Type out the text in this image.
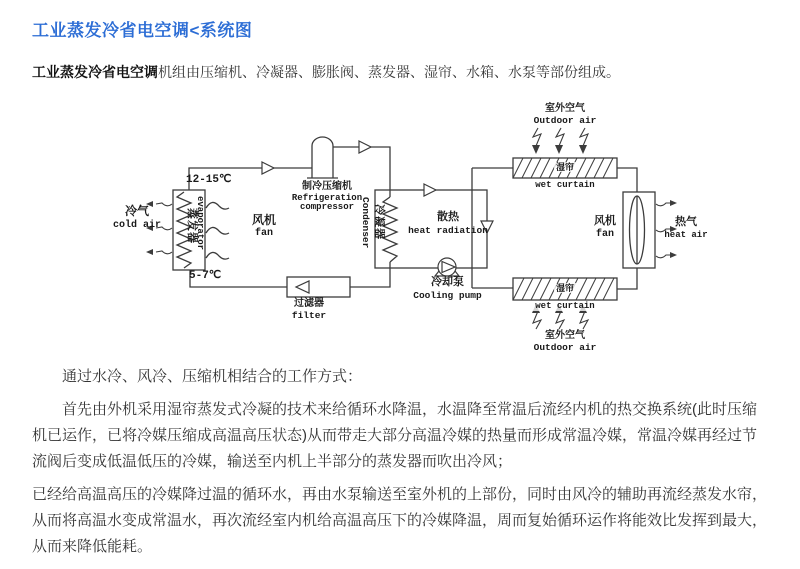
工业蒸发冷省电空调<系统图
工业蒸发冷省电空调机组由压缩机、冷凝器、膨胀阀、蒸发器、湿帘、水箱、水泵等部份组成。
冷气
cold air
12-15℃
5-7℃
蒸发器
evaporator	风机
fan
制冷压缩机
Refrigeration
compressor Condenser 冷凝器	散热
heat radiation
冷却泵
Cooling pump
过滤器
filter
湿帘
wet curtain
湿帘
wet curtain
室外空气
Outdoor air
室外空气
Outdoor air
风机
fan
热气
heat air

通过水冷、风冷、压缩机相结合的工作方式：

首先由外机采用湿帘蒸发式冷凝的技术来给循环水降温，水温降至常温后流经内机的热交换系统(此时压缩机已运作，已将冷媒压缩成高温高压状态)从而带走大部分高温冷媒的热量而形成常温冷媒，常温冷媒再经过节流阀后变成低温低压的冷媒，输送至内机上半部分的蒸发器而吹出冷风；

已经给高温高压的冷媒降过温的循环水，再由水泵输送至室外机的上部份，同时由风冷的辅助再流经蒸发水帘，从而将高温水变成常温水，再次流经室内机给高温高压下的冷媒降温，周而复始循环运作将能效比发挥到最大，从而来降低能耗。
